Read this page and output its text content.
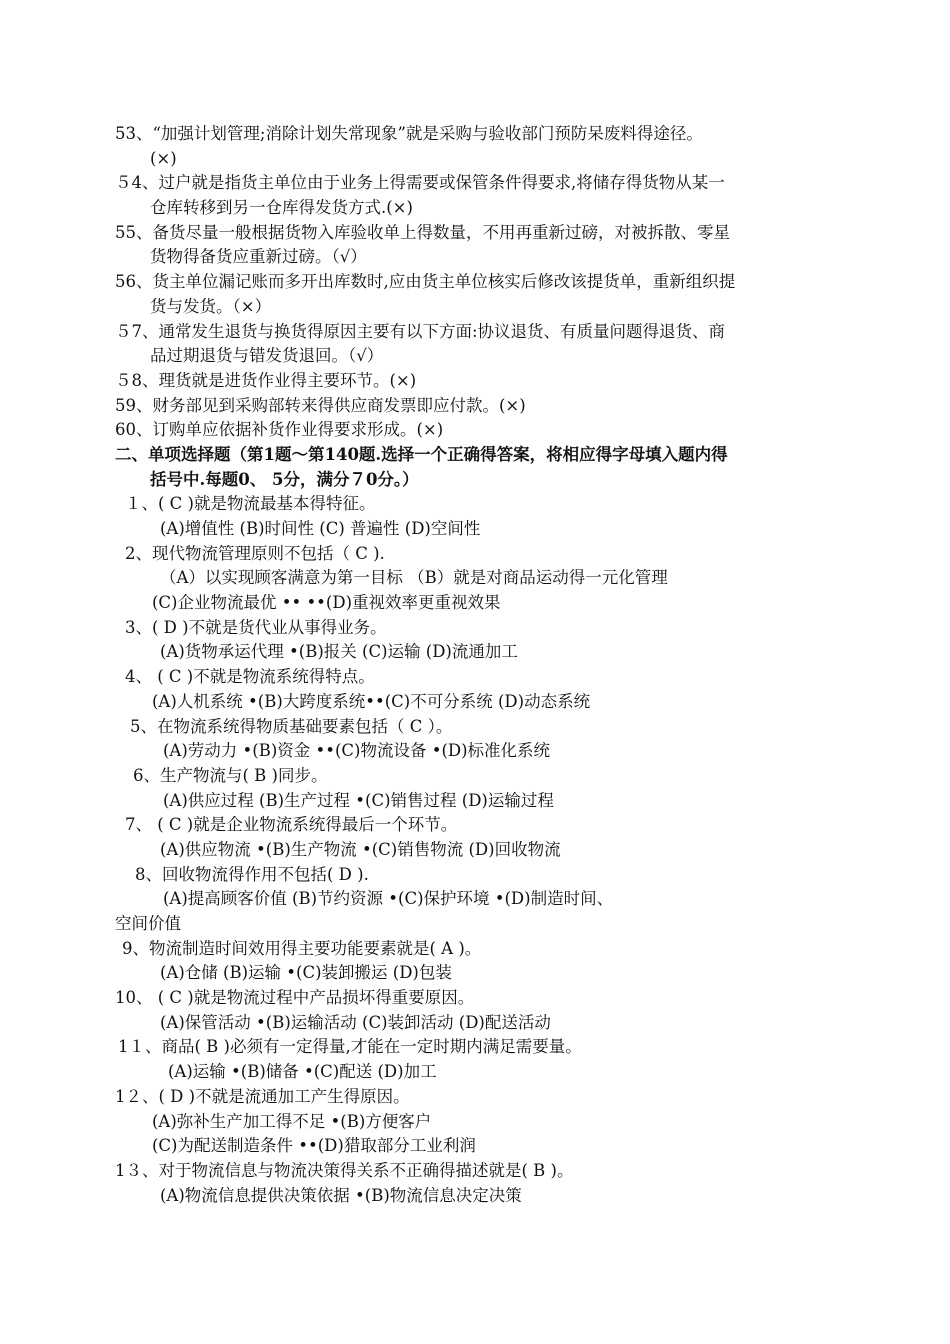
53、“加强计划管理;消除计划失常现象”就是采购与验收部门预防呆废料得途径。
(×)
５4、过户就是指货主单位由于业务上得需要或保管条件得要求,将储存得货物从某一
仓库转移到另一仓库得发货方式.(×)
55、备货尽量一般根据货物入库验收单上得数量，不用再重新过磅，对被拆散、零星
货物得备货应重新过磅。（√）
56、货主单位漏记账而多开出库数时,应由货主单位核实后修改该提货单，重新组织提
货与发货。（×）
５7、通常发生退货与换货得原因主要有以下方面:协议退货、有质量问题得退货、商
品过期退货与错发货退回。（√）
５8、理货就是进货作业得主要环节。(×)
59、财务部见到采购部转来得供应商发票即应付款。(×)
60、订购单应依据补货作业得要求形成。(×)
二、单项选择题（第1题～第140题.选择一个正确得答案，将相应得字母填入题内得
括号中.每题0、 5分，满分７0分。）
１、( C )就是物流最基本得特征。
(A)增值性 (B)时间性 (C) 普遍性 (D)空间性
2、现代物流管理原则不包括（ C ).
（A）以实现顾客满意为第一目标 （B）就是对商品运动得一元化管理
(C)企业物流最优 •• ••(D)重视效率更重视效果
3、( D )不就是货代业从事得业务。
(A)货物承运代理 •(B)报关 (C)运输 (D)流通加工
4、 ( C )不就是物流系统得特点。
(A)人机系统 •(B)大跨度系统••(C)不可分系统 (D)动态系统
5、在物流系统得物质基础要素包括（ C ）。
(A)劳动力 •(B)资金 ••(C)物流设备 •(D)标准化系统
6、生产物流与( B )同步。
(A)供应过程 (B)生产过程 •(C)销售过程 (D)运输过程
7、 ( C )就是企业物流系统得最后一个环节。
(A)供应物流 •(B)生产物流 •(C)销售物流 (D)回收物流
8、回收物流得作用不包括( D ).
(A)提高顾客价值 (B)节约资源 •(C)保护环境 •(D)制造时间、
空间价值
9、物流制造时间效用得主要功能要素就是( A )。
(A)仓储 (B)运输 •(C)装卸搬运 (D)包装
10、 ( C )就是物流过程中产品损坏得重要原因。
(A)保管活动 •(B)运输活动 (C)装卸活动 (D)配送活动
1１、商品( B )必须有一定得量,才能在一定时期内满足需要量。
(A)运输 •(B)储备 •(C)配送 (D)加工
1２、( D )不就是流通加工产生得原因。
(A)弥补生产加工得不足 •(B)方便客户
(C)为配送制造条件 ••(D)猎取部分工业利润
1３、对于物流信息与物流决策得关系不正确得描述就是( B )。
(A)物流信息提供决策依据 •(B)物流信息决定决策
